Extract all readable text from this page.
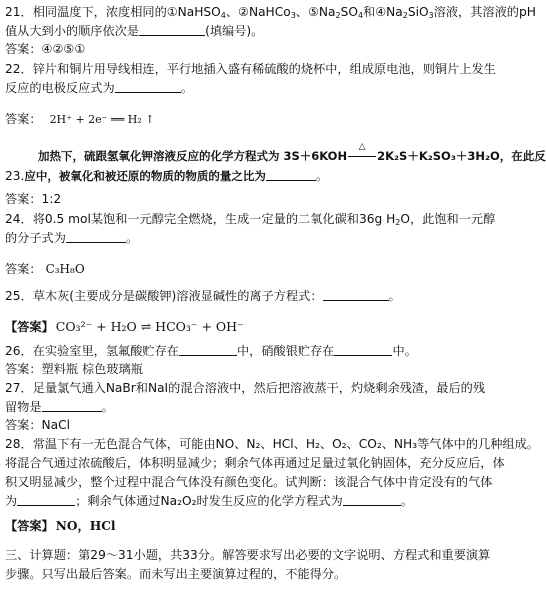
21．相同温度下，浓度相同的①NaHSO$_4$、②NaHCo$_3$、$⑤Na_2SO_4$和$④Na_2SiO_3$溶液，其溶液的pH
值从大到小的顺序依次是	(填编号)。
答案：④②⑤①
22．锌片和铜片用导线相连，平行地插入盛有稀硫酸的烧杯中，组成原电池，则铜片上发生
反应的电极反应式为	。
答案： 2H⁺ + 2e⁻ ══ H₂ ↑
加热下，硫跟氢氧化钾溶液反应的化学方程式为 3S＋6KOH
△
2K₂S＋K₂SO₃＋3H₂O，在此反
23.应中，被氧化和被还原的物质的物质的量之比为	。
答案：1:2
24．将0.5 mol某饱和一元醇完全燃烧，生成一定量的二氧化碳和36g $H_2O$，此饱和一元醇
的分子式为	。
答案： C₃H₈O
25．草木灰(主要成分是碳酸钾)溶液显碱性的离子方程式：	。
【答案】 CO₃²⁻ + H₂O ⇌ HCO₃⁻ + OH⁻
26．在实验室里，氢氟酸贮存在	中，硝酸银贮存在	中。
答案：塑料瓶 棕色玻璃瓶
27．足量氯气通入NaBr和NaI的混合溶液中，然后把溶液蒸干，灼烧剩余残渣，最后的残
留物是	。
答案：NaCl
28．常温下有一无色混合气体，可能由NO、N₂、HCl、H₂、O₂、CO₂、NH₃等气体中的几种组成。
将混合气通过浓硫酸后，体积明显减少；剩余气体再通过足量过氧化钠固体，充分反应后，体
积又明显减少，整个过程中混合气体没有颜色变化。试判断：该混合气体中肯定没有的气体
为	；剩余气体通过Na₂O₂时发生反应的化学方程式为	。
【答案】 NO，HCl
三、计算题：第29～31小题，共33分。解答要求写出必要的文字说明、方程式和重要演算
步骤。只写出最后答案。而未写出主要演算过程的，不能得分。
